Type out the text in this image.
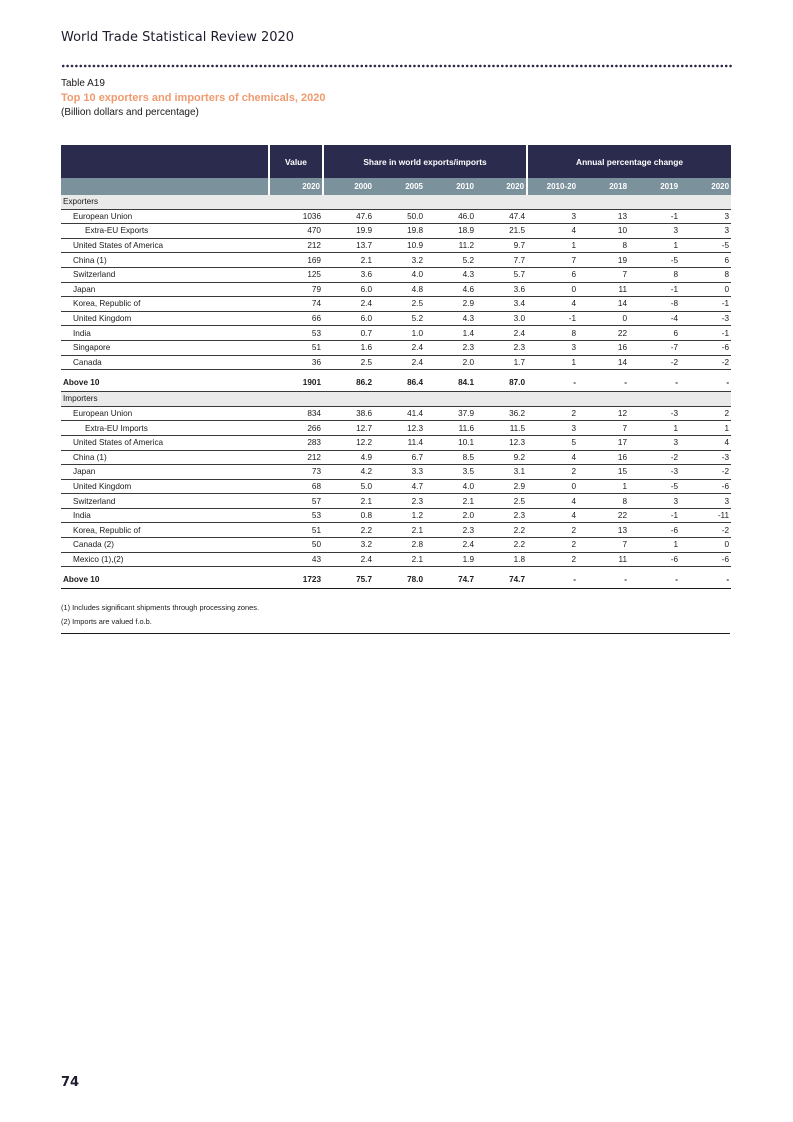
World Trade Statistical Review 2020
Table A19
Top 10 exporters and importers of chemicals, 2020
(Billion dollars and percentage)
	Value	Share in world exports/imports				Annual percentage change			
	2020	2000	2005	2010	2020	2010-20	2018	2019	2020
Exporters									
European Union	1036	47.6	50.0	46.0	47.4	3	13	-1	3
Extra-EU Exports	470	19.9	19.8	18.9	21.5	4	10	3	3
United States of America	212	13.7	10.9	11.2	9.7	1	8	1	-5
China (1)	169	2.1	3.2	5.2	7.7	7	19	-5	6
Switzerland	125	3.6	4.0	4.3	5.7	6	7	8	8
Japan	79	6.0	4.8	4.6	3.6	0	11	-1	0
Korea, Republic of	74	2.4	2.5	2.9	3.4	4	14	-8	-1
United Kingdom	66	6.0	5.2	4.3	3.0	-1	0	-4	-3
India	53	0.7	1.0	1.4	2.4	8	22	6	-1
Singapore	51	1.6	2.4	2.3	2.3	3	16	-7	-6
Canada	36	2.5	2.4	2.0	1.7	1	14	-2	-2

Above 10	1901	86.2	86.4	84.1	87.0	-	-	-	-
Importers									
European Union	834	38.6	41.4	37.9	36.2	2	12	-3	2
Extra-EU Imports	266	12.7	12.3	11.6	11.5	3	7	1	1
United States of America	283	12.2	11.4	10.1	12.3	5	17	3	4
China (1)	212	4.9	6.7	8.5	9.2	4	16	-2	-3
Japan	73	4.2	3.3	3.5	3.1	2	15	-3	-2
United Kingdom	68	5.0	4.7	4.0	2.9	0	1	-5	-6
Switzerland	57	2.1	2.3	2.1	2.5	4	8	3	3
India	53	0.8	1.2	2.0	2.3	4	22	-1	-11
Korea, Republic of	51	2.2	2.1	2.3	2.2	2	13	-6	-2
Canada (2)	50	3.2	2.8	2.4	2.2	2	7	1	0
Mexico (1),(2)	43	2.4	2.1	1.9	1.8	2	11	-6	-6

Above 10	1723	75.7	78.0	74.7	74.7	-	-	-	-
(1) Includes significant shipments through processing zones.
(2) Imports are valued f.o.b.
74
